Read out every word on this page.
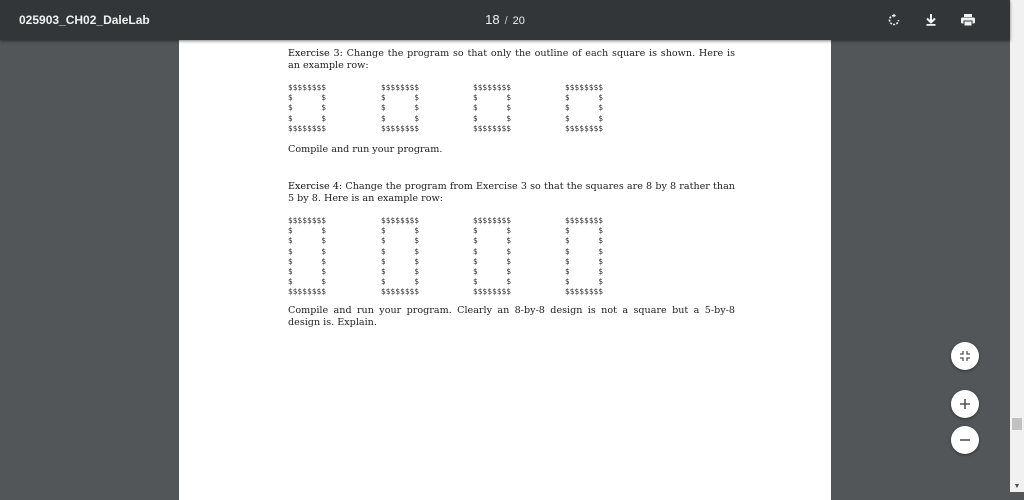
025903_CH02_DaleLab	18 / 20

Exercise 3: Change the program so that only the outline of each square is shown. Here is an example row:

$$$$$$$$
$      $
$      $
$      $
$$$$$$$$
$$$$$$$$
$      $
$      $
$      $
$$$$$$$$
$$$$$$$$
$      $
$      $
$      $
$$$$$$$$
$$$$$$$$
$      $
$      $
$      $
$$$$$$$$

Compile and run your program.

Exercise 4: Change the program from Exercise 3 so that the squares are 8 by 8 rather than 5 by 8. Here is an example row:

$$$$$$$$
$      $
$      $
$      $
$      $
$      $
$      $
$$$$$$$$
$$$$$$$$
$      $
$      $
$      $
$      $
$      $
$      $
$$$$$$$$
$$$$$$$$
$      $
$      $
$      $
$      $
$      $
$      $
$$$$$$$$
$$$$$$$$
$      $
$      $
$      $
$      $
$      $
$      $
$$$$$$$$

Compile and run your program. Clearly an 8-by-8 design is not a square but a 5-by-8 design is. Explain.

▼
